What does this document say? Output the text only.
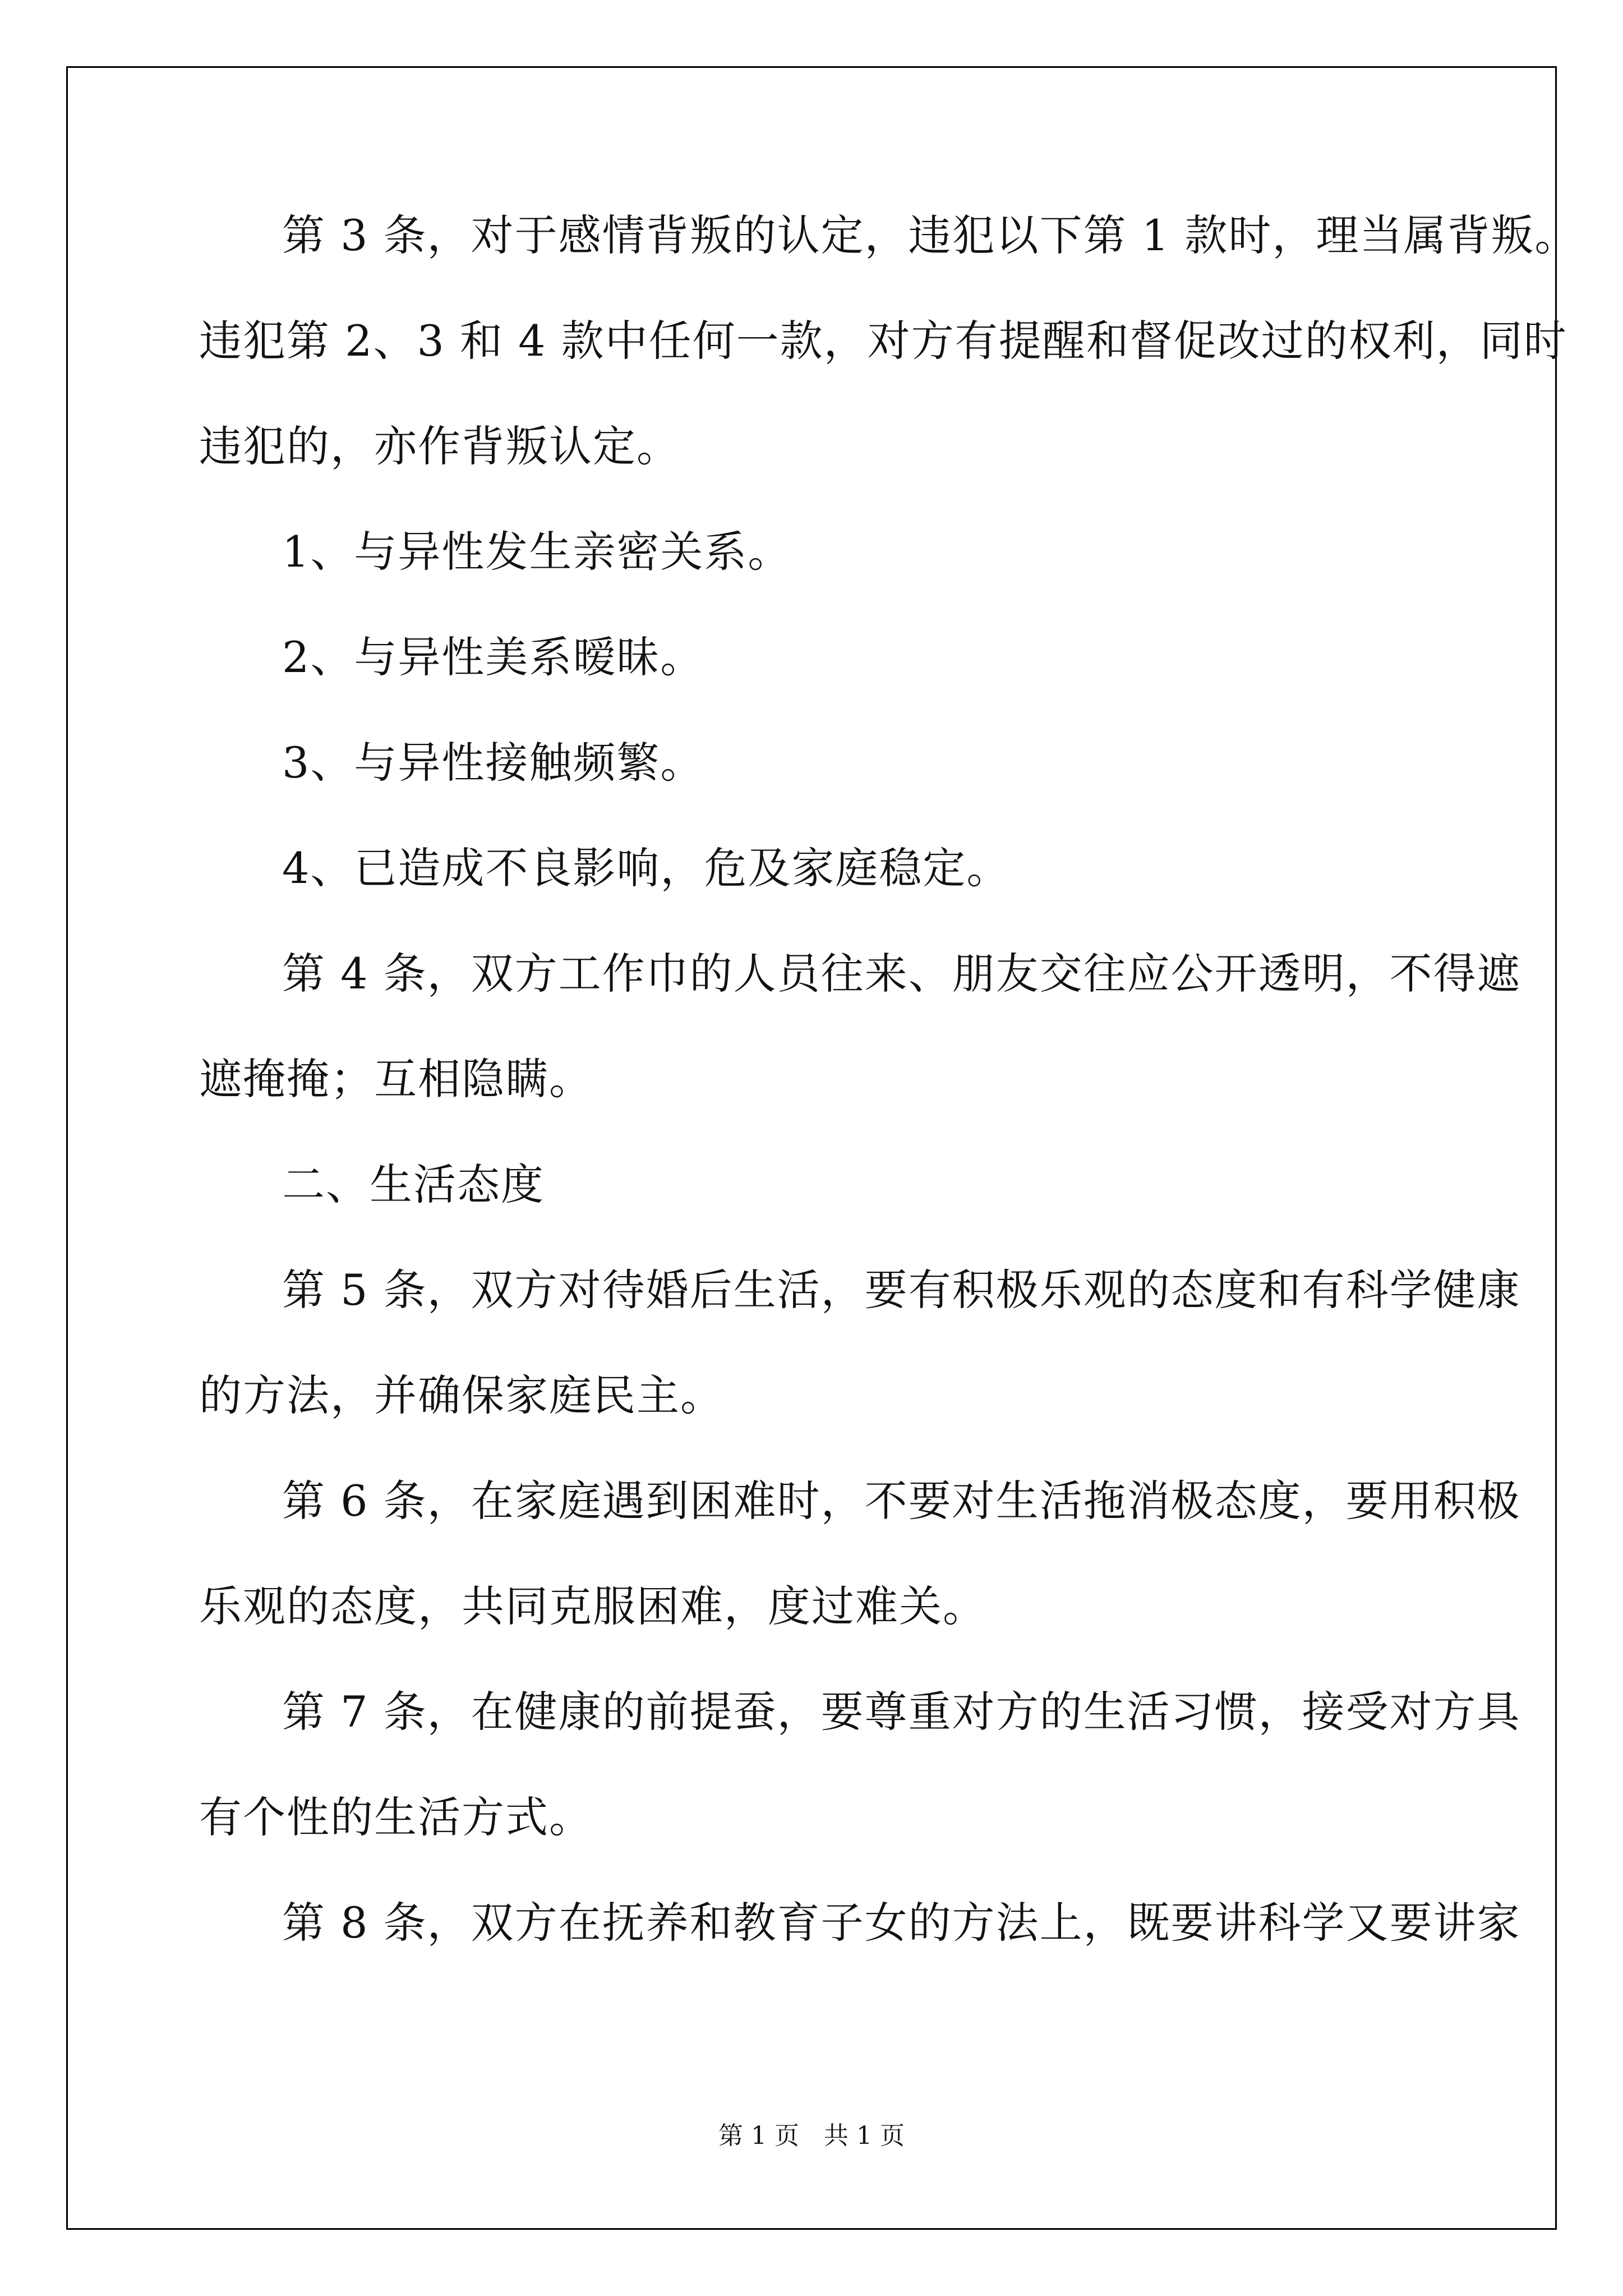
第 3 条，对于感情背叛的认定，违犯以下第 1 款时，理当属背叛。
违犯第 2、3 和 4 款中任何一款，对方有提醒和督促改过的权利，同时
违犯的，亦作背叛认定。
1、与异性发生亲密关系。
2、与异性美系暧昧。
3、与异性接触频繁。
4、已造成不良影响，危及家庭稳定。
第 4 条，双方工作巾的人员往来、朋友交往应公开透明，不得遮
遮掩掩；互相隐瞒。
二、生活态度
第 5 条，双方对待婚后生活，要有积极乐观的态度和有科学健康
的方法，并确保家庭民主。
第 6 条，在家庭遇到困难时，不要对生活拖消极态度，要用积极
乐观的态度，共同克服困难，度过难关。
第 7 条，在健康的前提蚕，要尊重对方的生活习惯，接受对方具
有个性的生活方式。
第 8 条，双方在抚养和教育子女的方法上，既要讲科学又要讲家
第 1 页　共 1 页
